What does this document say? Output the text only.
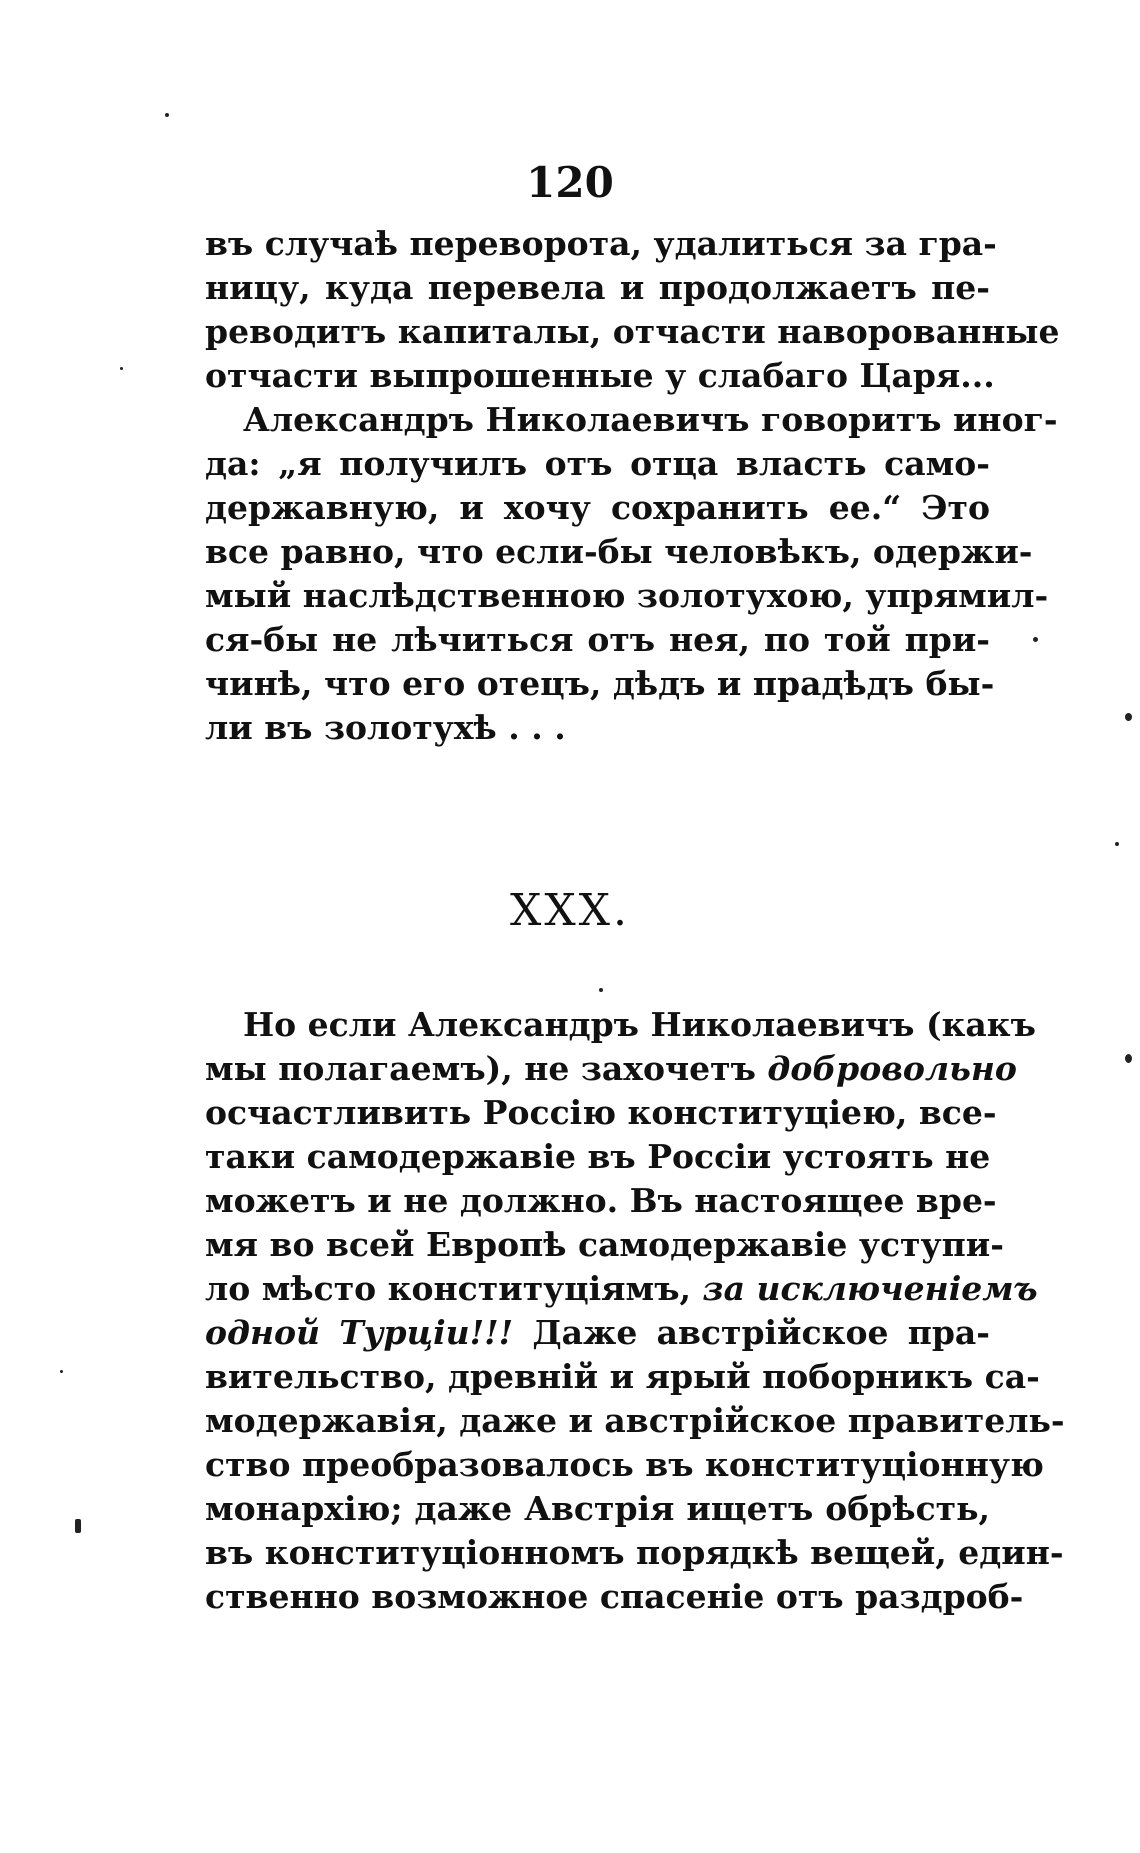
120
въ случаѣ переворота, удалиться за гра-
ницу, куда перевела и продолжаетъ пе-
реводитъ капиталы, отчасти наворованные
отчасти выпрошенные у слабаго Царя...
Александръ Николаевичъ говоритъ иног-
да: „я получилъ отъ отца власть само-
державную, и хочу сохранить ее.“ Это
все равно, что если-бы человѣкъ, одержи-
мый наслѣдственною золотухою, упрямил-
ся-бы не лѣчиться отъ нея, по той при-
чинѣ, что его отецъ, дѣдъ и прадѣдъ бы-
ли въ золотухѣ . . .
XXX.
Но если Александръ Николаевичъ (какъ
мы полагаемъ), не захочетъ добровольно
осчастливить Россію конституціею, все-
таки самодержавіе въ Россіи устоять не
можетъ и не должно. Въ настоящее вре-
мя во всей Европѣ самодержавіе уступи-
ло мѣсто конституціямъ, за исключеніемъ
одной Турціи!!! Даже австрійское пра-
вительство, древній и ярый поборникъ са-
модержавія, даже и австрійское правитель-
ство преобразовалось въ конституціонную
монархію; даже Австрія ищетъ обрѣсть,
въ конституціонномъ порядкѣ вещей, един-
ственно возможное спасеніе отъ раздроб-
